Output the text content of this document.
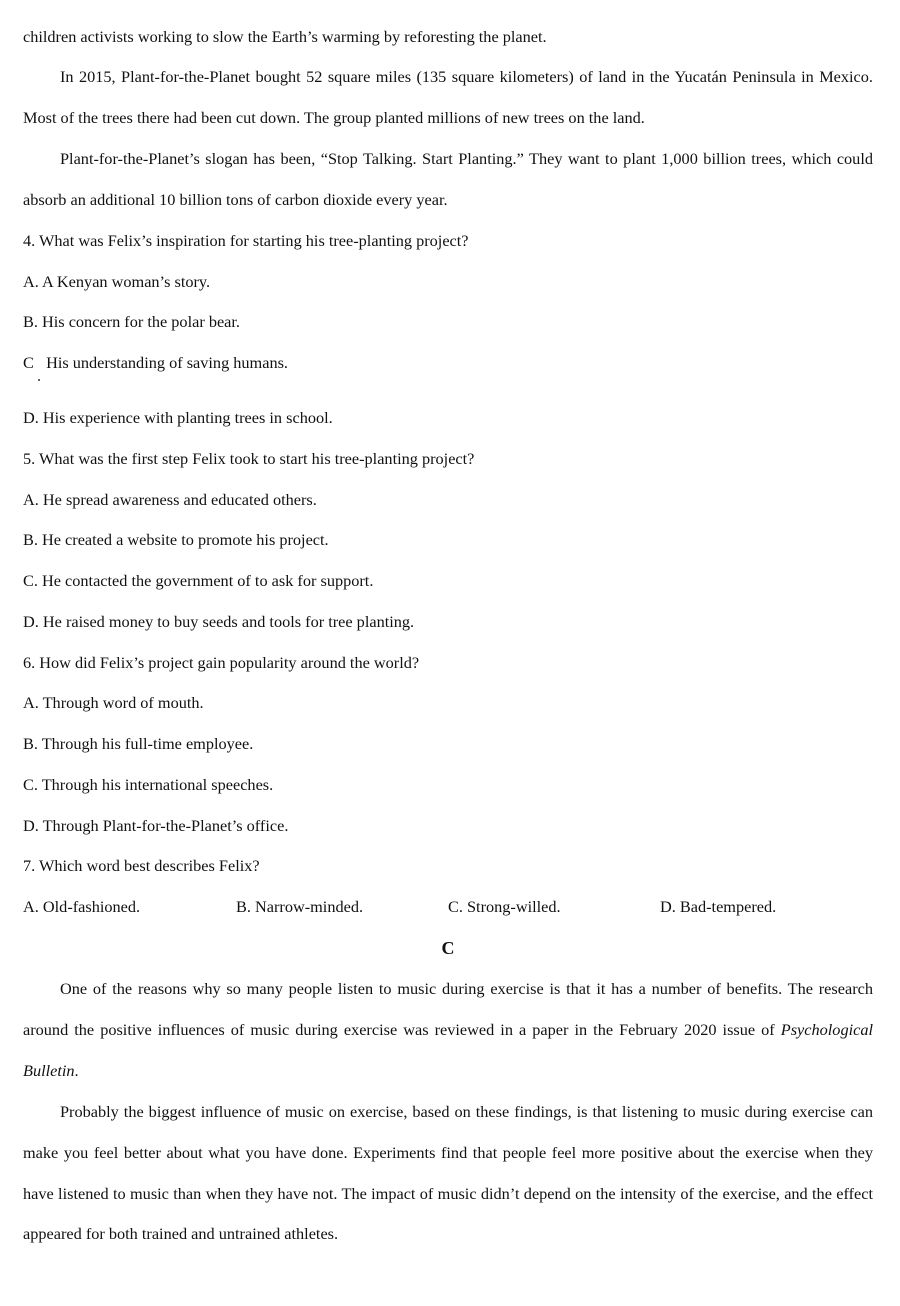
children activists working to slow the Earth’s warming by reforesting the planet.
In 2015, Plant-for-the-Planet bought 52 square miles (135 square kilometers) of land in the Yucatán Peninsula in Mexico. Most of the trees there had been cut down. The group planted millions of new trees on the land.
Plant-for-the-Planet’s slogan has been, “Stop Talking. Start Planting.” They want to plant 1,000 billion trees, which could absorb an additional 10 billion tons of carbon dioxide every year.
4. What was Felix’s inspiration for starting his tree-planting project?
A. A Kenyan woman’s story.
B. His concern for the polar bear.
C   His understanding of saving humans.
D. His experience with planting trees in school.
5. What was the first step Felix took to start his tree-planting project?
A. He spread awareness and educated others.
B. He created a website to promote his project.
C. He contacted the government of to ask for support.
D. He raised money to buy seeds and tools for tree planting.
6. How did Felix’s project gain popularity around the world?
A. Through word of mouth.
B. Through his full-time employee.
C. Through his international speeches.
D. Through Plant-for-the-Planet’s office.
7. Which word best describes Felix?
A. Old-fashioned.	B. Narrow-minded.	C. Strong-willed.	D. Bad-tempered.
C
One of the reasons why so many people listen to music during exercise is that it has a number of benefits. The research around the positive influences of music during exercise was reviewed in a paper in the February 2020 issue of Psychological Bulletin.
Probably the biggest influence of music on exercise, based on these findings, is that listening to music during exercise can make you feel better about what you have done. Experiments find that people feel more positive about the exercise when they have listened to music than when they have not. The impact of music didn’t depend on the intensity of the exercise, and the effect appeared for both trained and untrained athletes.
